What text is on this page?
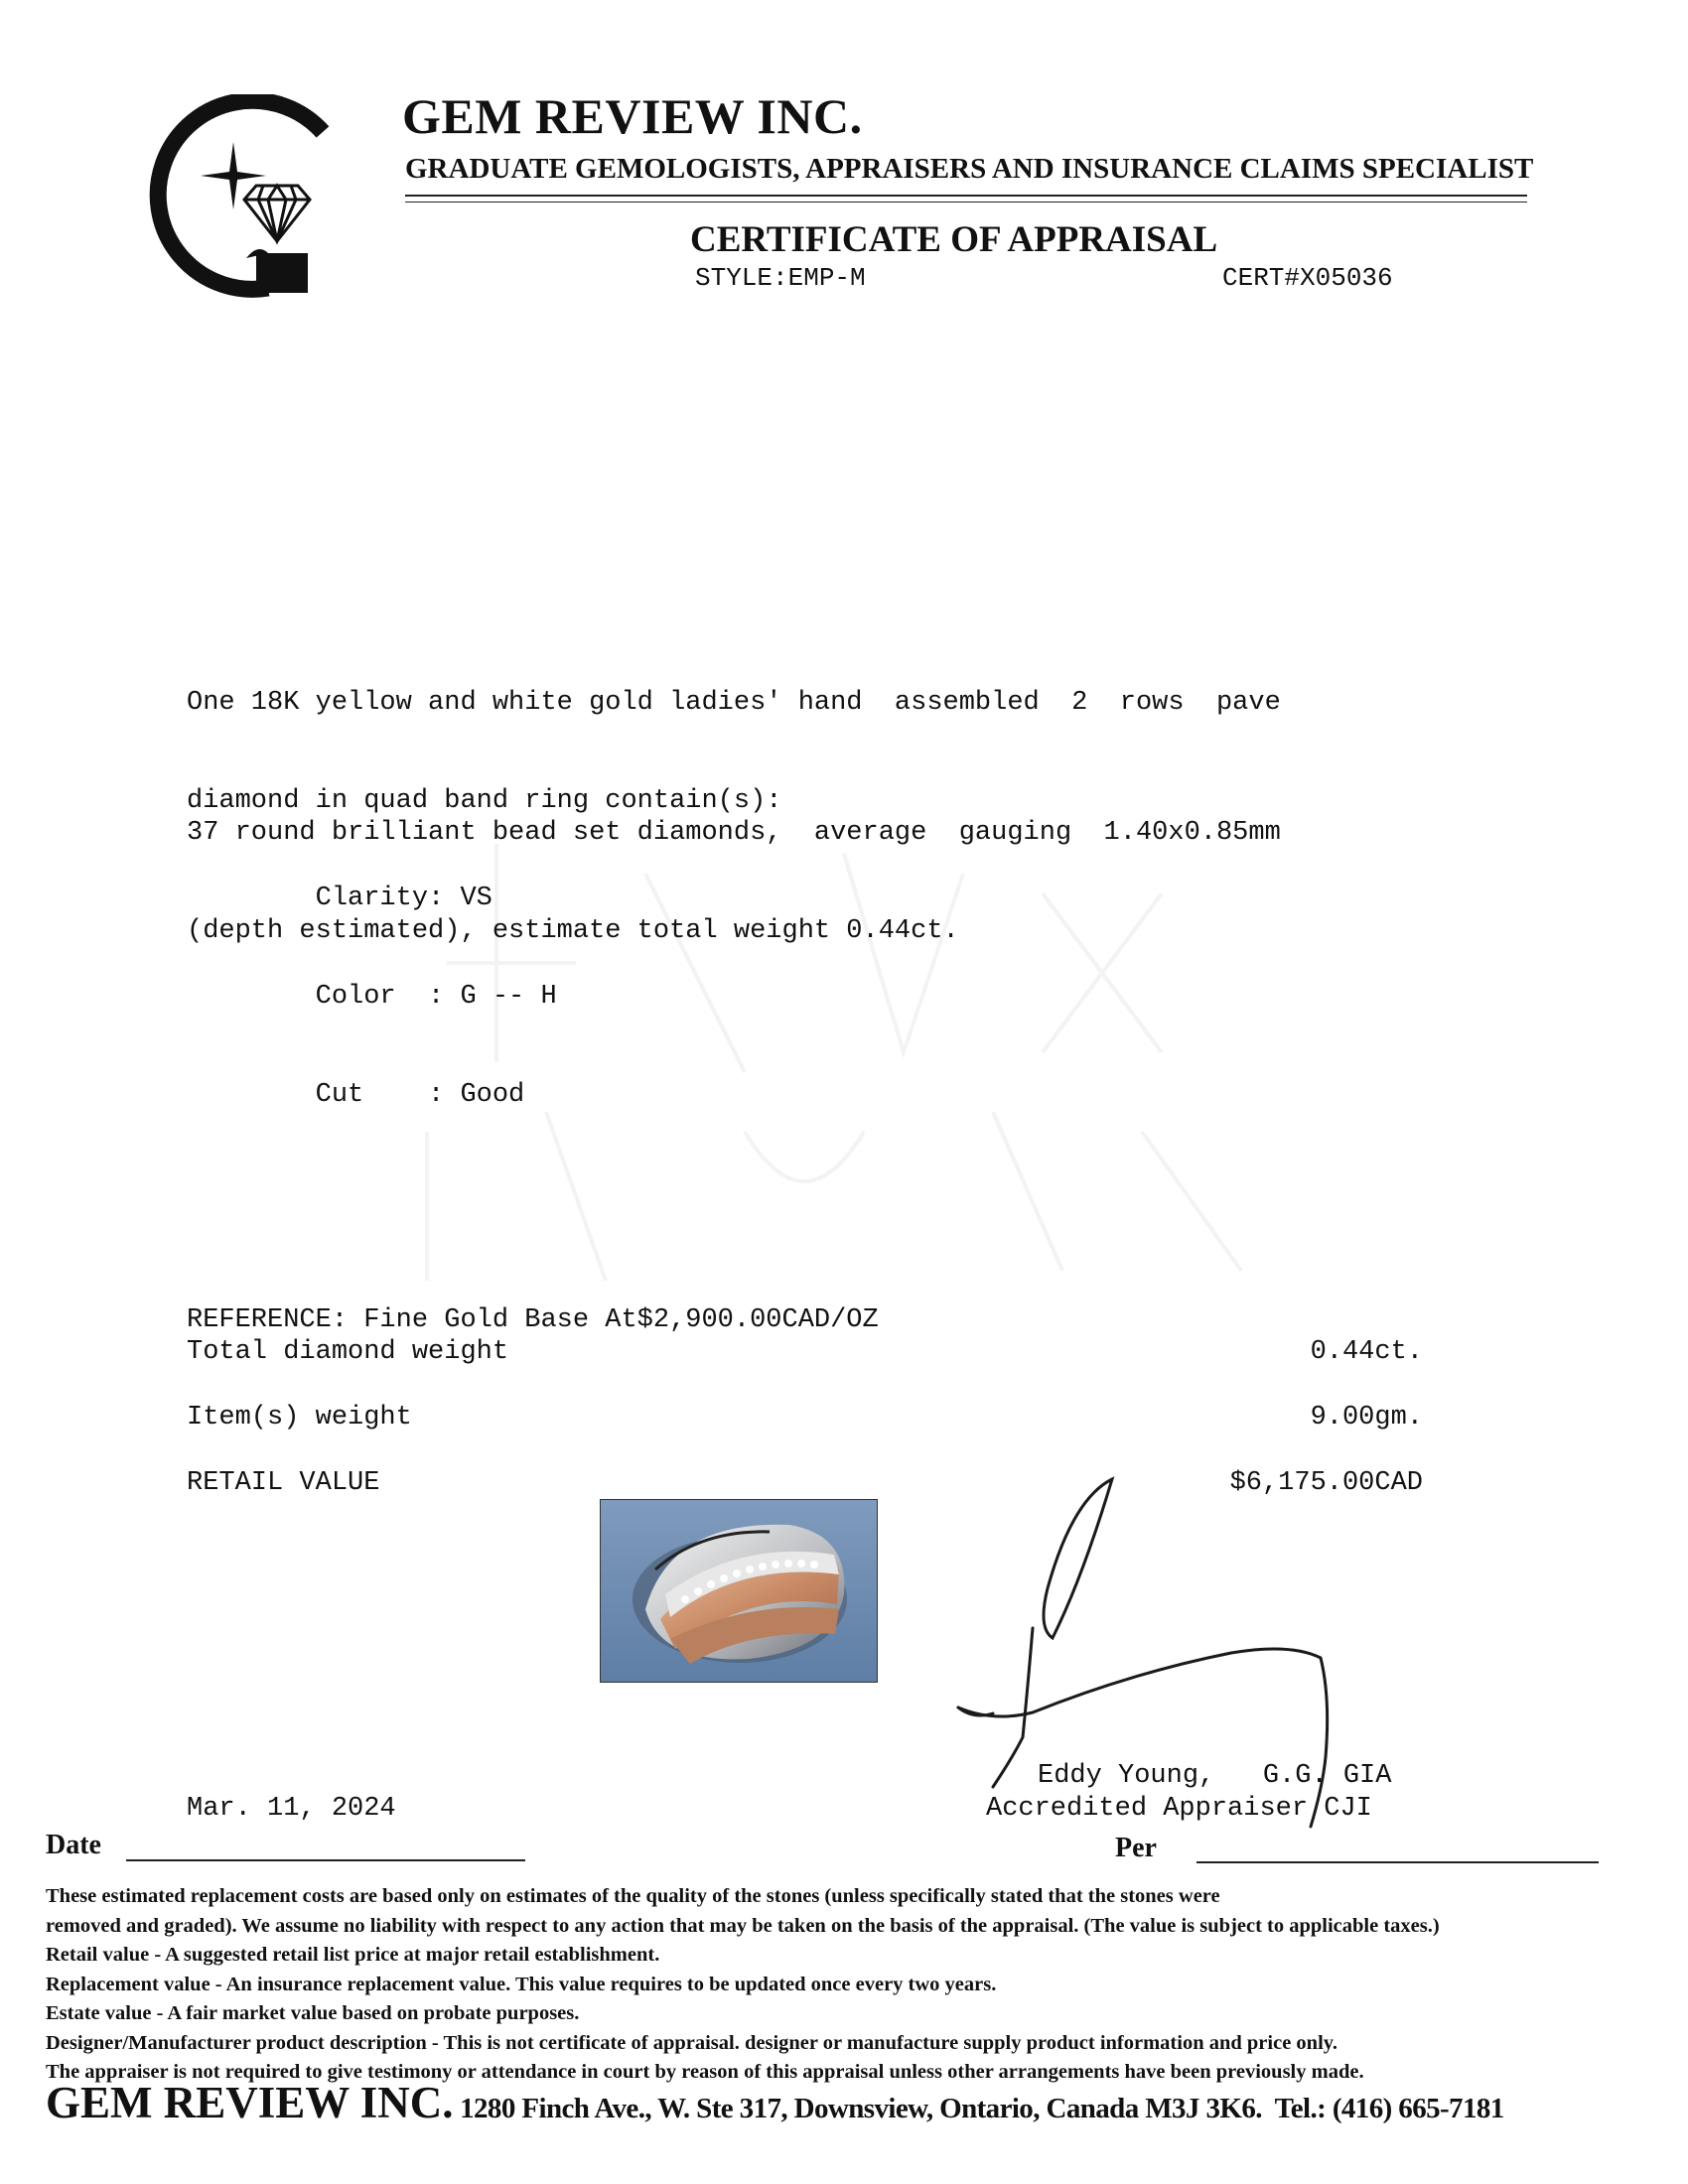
GEM REVIEW INC.
GRADUATE GEMOLOGISTS, APPRAISERS AND INSURANCE CLAIMS SPECIALIST
CERTIFICATE OF APPRAISAL
STYLE:EMP-M	CERT#X05036

One 18K yellow and white gold ladies' hand  assembled  2  rows  pave

diamond in quad band ring contain(s):

37 round brilliant bead set diamonds,  average  gauging  1.40x0.85mm

(depth estimated), estimate total weight 0.44ct.

Clarity: VS

Color  : G -- H

Cut    : Good

REFERENCE: Fine Gold Base At$2,900.00CAD/OZ
Total diamond weight	0.44ct.
Item(s) weight	9.00gm.
RETAIL VALUE	$6,175.00CAD
Eddy Young,   G.G. GIA
Accredited Appraiser CJI
Mar. 11, 2024
Date	Per
These estimated replacement costs are based only on estimates of the quality of the stones (unless specifically stated that the stones were
removed and graded). We assume no liability with respect to any action that may be taken on the basis of the appraisal. (The value is subject to applicable taxes.)
Retail value - A suggested retail list price at major retail establishment.
Replacement value - An insurance replacement value. This value requires to be updated once every two years.
Estate value - A fair market value based on probate purposes.
Designer/Manufacturer product description - This is not certificate of appraisal. designer or manufacture supply product information and price only.
The appraiser is not required to give testimony or attendance in court by reason of this appraisal unless other arrangements have been previously made.
GEM REVIEW INC. 1280 Finch Ave., W. Ste 317, Downsview, Ontario, Canada M3J 3K6.  Tel.: (416) 665-7181
